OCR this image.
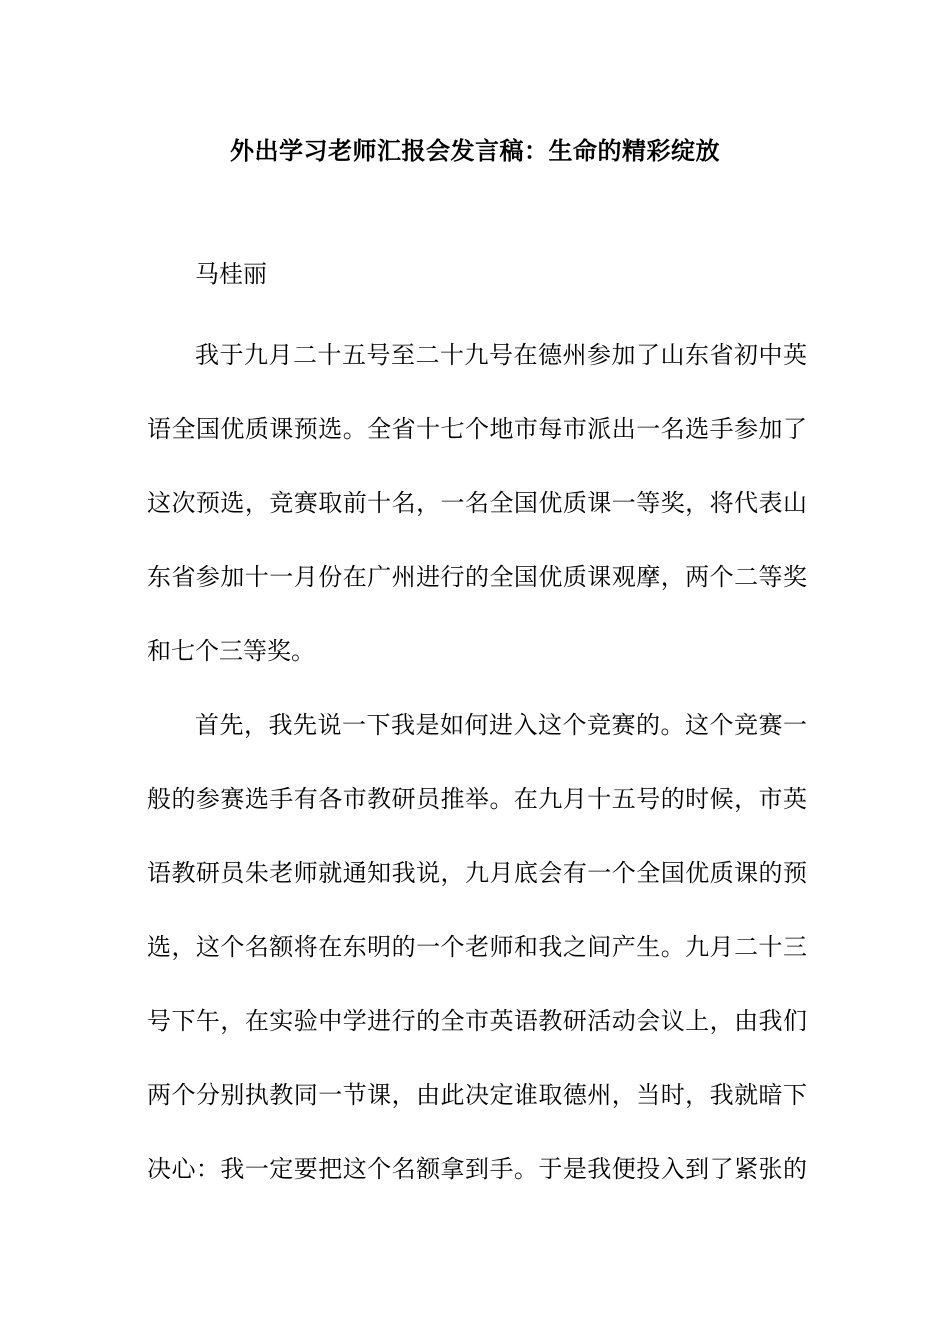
外出学习老师汇报会发言稿：生命的精彩绽放
马桂丽
我于九月二十五号至二十九号在德州参加了山东省初中英
语全国优质课预选。全省十七个地市每市派出一名选手参加了
这次预选，竞赛取前十名，一名全国优质课一等奖，将代表山
东省参加十一月份在广州进行的全国优质课观摩，两个二等奖
和七个三等奖。
首先，我先说一下我是如何进入这个竞赛的。这个竞赛一
般的参赛选手有各市教研员推举。在九月十五号的时候，市英
语教研员朱老师就通知我说，九月底会有一个全国优质课的预
选，这个名额将在东明的一个老师和我之间产生。九月二十三
号下午，在实验中学进行的全市英语教研活动会议上，由我们
两个分别执教同一节课，由此决定谁取德州，当时，我就暗下
决心：我一定要把这个名额拿到手。于是我便投入到了紧张的
